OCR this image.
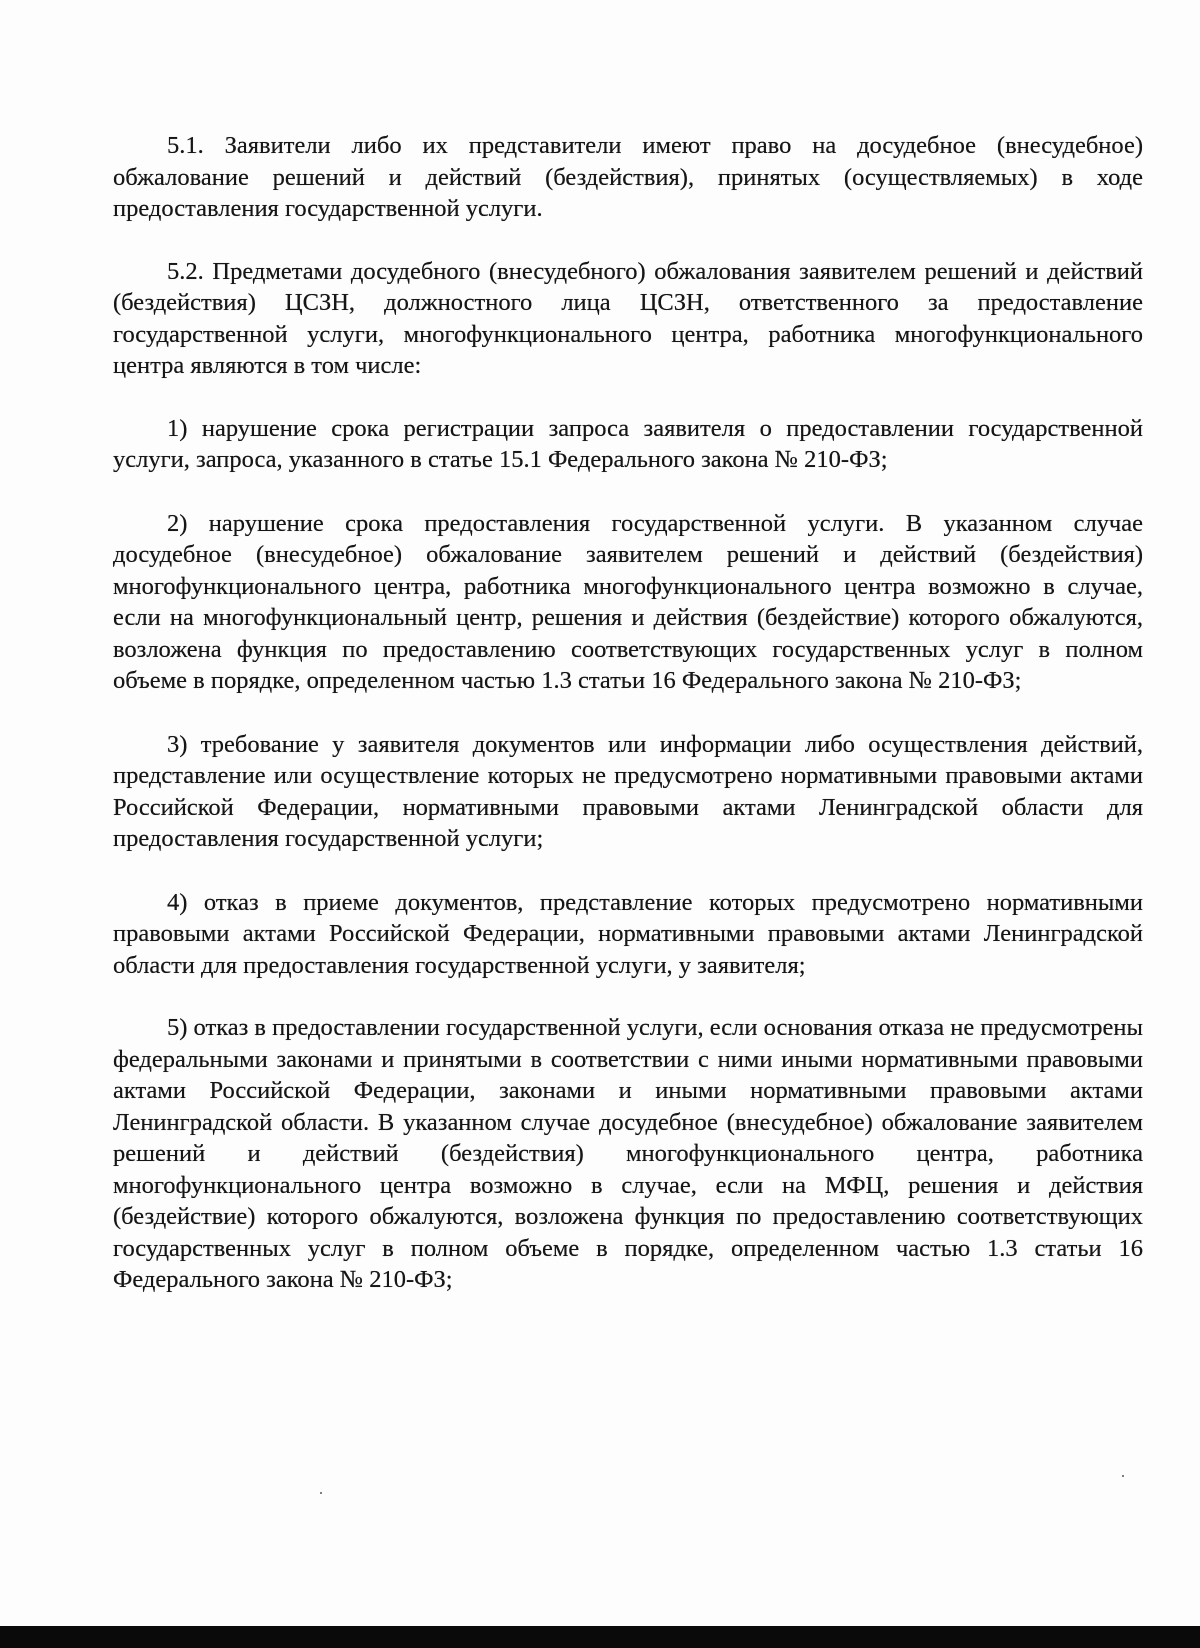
5.1. Заявители либо их представители имеют право на досудебное (внесудебное) обжалование решений и действий (бездействия), принятых (осуществляемых) в ходе предоставления государственной услуги.

5.2. Предметами досудебного (внесудебного) обжалования заявителем решений и действий (бездействия) ЦСЗН, должностного лица ЦСЗН, ответственного за предоставление государственной услуги, многофункционального центра, работника многофункционального центра являются в том числе:

1) нарушение срока регистрации запроса заявителя о предоставлении государственной услуги, запроса, указанного в статье 15.1 Федерального закона № 210-ФЗ;

2) нарушение срока предоставления государственной услуги. В указанном случае досудебное (внесудебное) обжалование заявителем решений и действий (бездействия) многофункционального центра, работника многофункционального центра возможно в случае, если на многофункциональный центр, решения и действия (бездействие) которого обжалуются, возложена функция по предоставлению соответствующих государственных услуг в полном объеме в порядке, определенном частью 1.3 статьи 16 Федерального закона № 210-ФЗ;

3) требование у заявителя документов или информации либо осуществления действий, представление или осуществление которых не предусмотрено нормативными правовыми актами Российской Федерации, нормативными правовыми актами Ленинградской области для предоставления государственной услуги;

4) отказ в приеме документов, представление которых предусмотрено нормативными правовыми актами Российской Федерации, нормативными правовыми актами Ленинградской области для предоставления государственной услуги, у заявителя;

5) отказ в предоставлении государственной услуги, если основания отказа не предусмотрены федеральными законами и принятыми в соответствии с ними иными нормативными правовыми актами Российской Федерации, законами и иными нормативными правовыми актами Ленинградской области. В указанном случае досудебное (внесудебное) обжалование заявителем решений и действий (бездействия) многофункционального центра, работника многофункционального центра возможно в случае, если на МФЦ, решения и действия (бездействие) которого обжалуются, возложена функция по предоставлению соответствующих государственных услуг в полном объеме в порядке, определенном частью 1.3 статьи 16 Федерального закона № 210-ФЗ;
